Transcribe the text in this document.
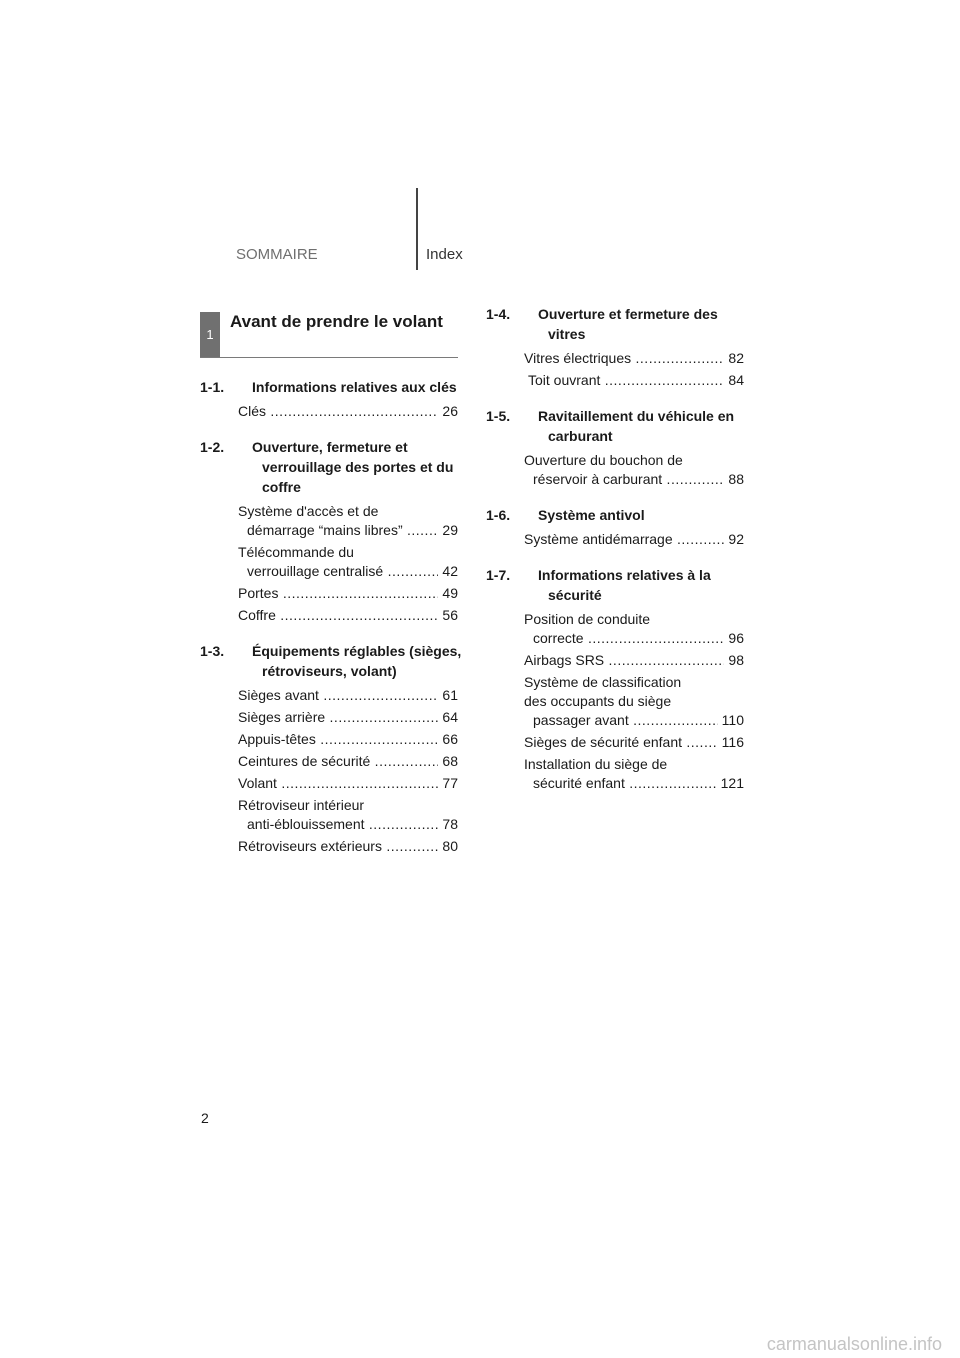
SOMMAIRE	Index
1
Avant de prendre le volant
1-1. Informations relatives aux clés
Clés .....	26
1-2. Ouverture, fermeture et verrouillage des portes et du coffre
Système d'accès et de
démarrage “mains libres” .....	29
Télécommande du
verrouillage centralisé .....	42
Portes .....	49
Coffre .....	56
1-3. Équipements réglables (sièges, rétroviseurs, volant)
Sièges avant .....	61
Sièges arrière .....	64
Appuis-têtes .....	66
Ceintures de sécurité .....	68
Volant .....	77
Rétroviseur intérieur
anti-éblouissement .....	78
Rétroviseurs extérieurs .....	80
1-4. Ouverture et fermeture des vitres
Vitres électriques .....	82
Toit ouvrant .....	84
1-5. Ravitaillement du véhicule en carburant
Ouverture du bouchon de
réservoir à carburant .....	88
1-6. Système antivol
Système antidémarrage .....	92
1-7. Informations relatives à la sécurité
Position de conduite
correcte .....	96
Airbags SRS .....	98
Système de classification
des occupants du siège
passager avant .....	110
Sièges de sécurité enfant .....	116
Installation du siège de
sécurité enfant .....	121
2
carmanualsonline.info
